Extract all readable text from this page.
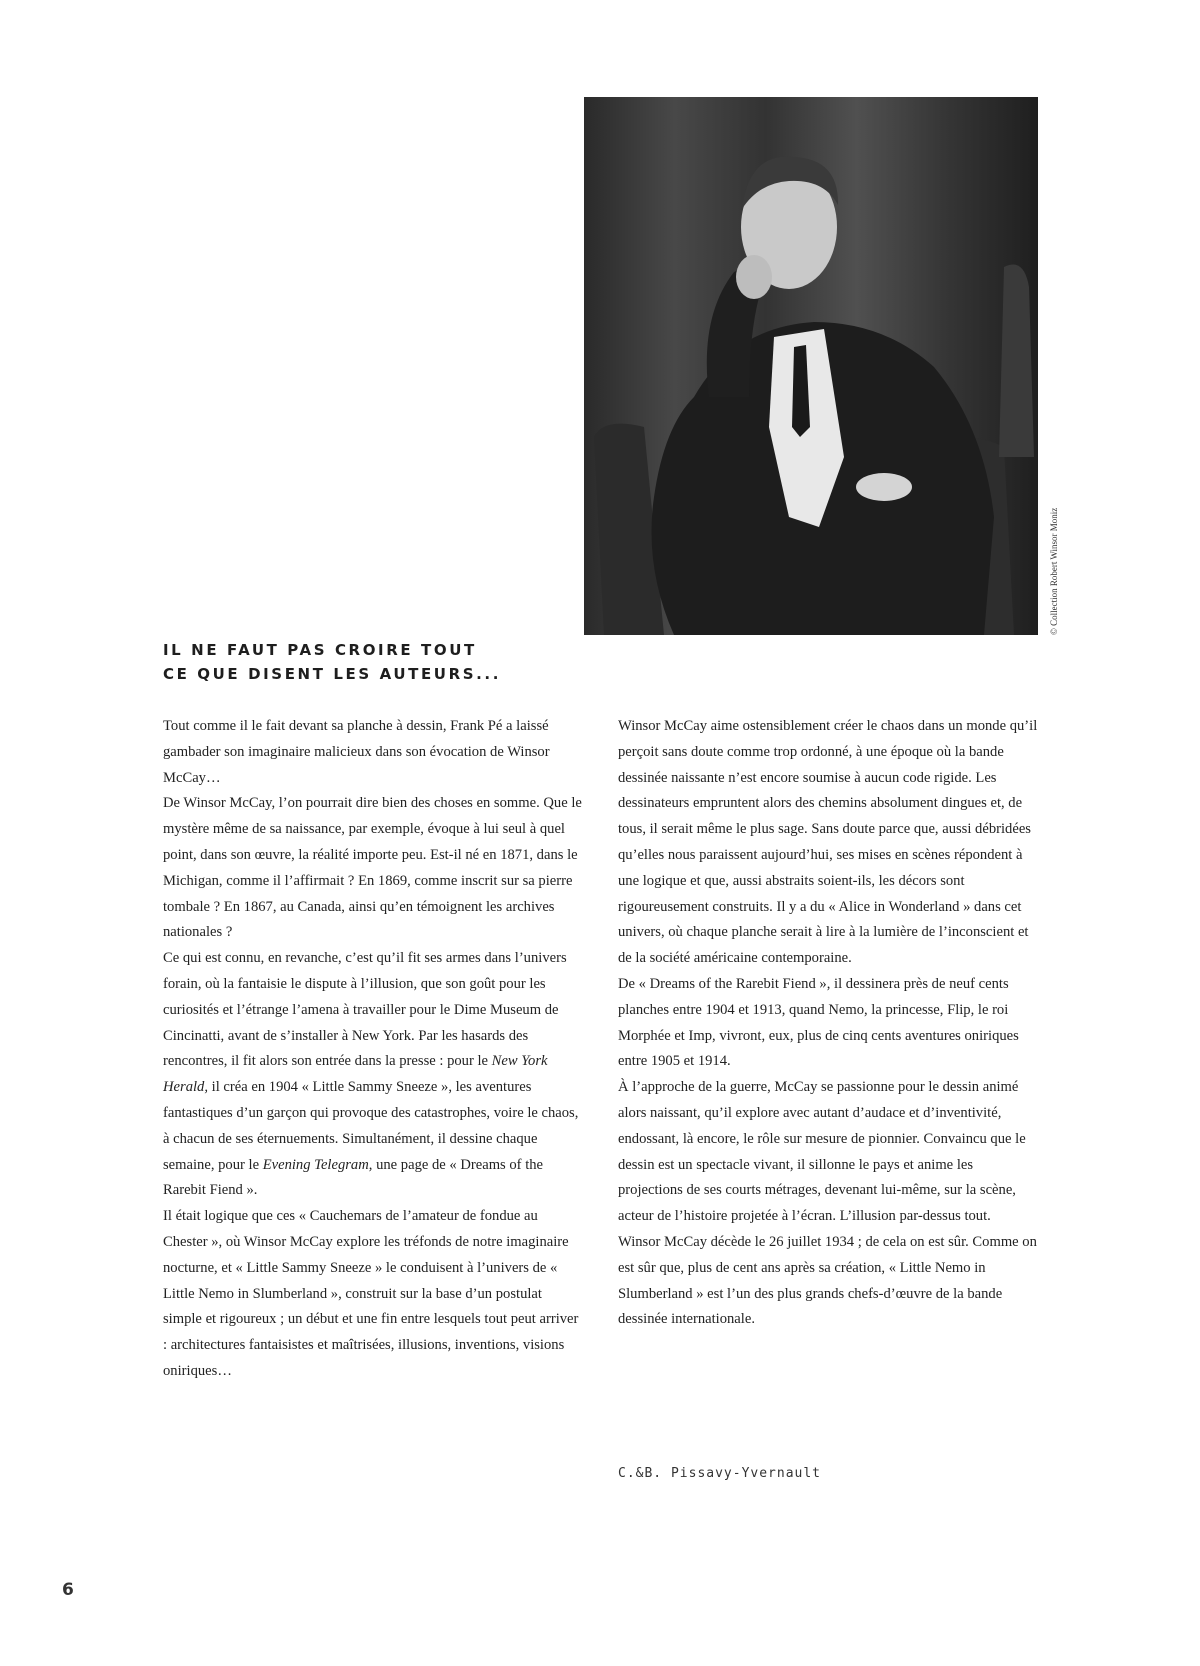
© Collection Robert Winsor Moniz
IL NE FAUT PAS CROIRE TOUT
CE QUE DISENT LES AUTEURS...

Tout comme il le fait devant sa planche à dessin, Frank Pé a laissé gambader son imaginaire malicieux dans son évocation de Winsor McCay…

De Winsor McCay, l’on pourrait dire bien des choses en somme. Que le mystère même de sa naissance, par exemple, évoque à lui seul à quel point, dans son œuvre, la réalité importe peu. Est-il né en 1871, dans le Michigan, comme il l’affirmait ? En 1869, comme inscrit sur sa pierre tombale ? En 1867, au Canada, ainsi qu’en témoignent les archives nationales ?

Ce qui est connu, en revanche, c’est qu’il fit ses armes dans l’univers forain, où la fantaisie le dispute à l’illusion, que son goût pour les curiosités et l’étrange l’amena à travailler pour le Dime Museum de Cincinatti, avant de s’installer à New York. Par les hasards des rencontres, il fit alors son entrée dans la presse : pour le New York Herald, il créa en 1904 « Little Sammy Sneeze », les aventures fantastiques d’un garçon qui provoque des catastrophes, voire le chaos, à chacun de ses éternuements. Simultanément, il dessine chaque semaine, pour le Evening Telegram, une page de « Dreams of the Rarebit Fiend ».

Il était logique que ces « Cauchemars de l’amateur de fondue au Chester », où Winsor McCay explore les tréfonds de notre imaginaire nocturne, et « Little Sammy Sneeze » le conduisent à l’univers de « Little Nemo in Slumberland », construit sur la base d’un postulat simple et rigoureux ; un début et une fin entre lesquels tout peut arriver : architectures fantaisistes et maîtrisées, illusions, inventions, visions oniriques…

Winsor McCay aime ostensiblement créer le chaos dans un monde qu’il perçoit sans doute comme trop ordonné, à une époque où la bande dessinée naissante n’est encore soumise à aucun code rigide. Les dessinateurs empruntent alors des chemins absolument dingues et, de tous, il serait même le plus sage. Sans doute parce que, aussi débridées qu’elles nous paraissent aujourd’hui, ses mises en scènes répondent à une logique et que, aussi abstraits soient-ils, les décors sont rigoureusement construits. Il y a du « Alice in Wonderland » dans cet univers, où chaque planche serait à lire à la lumière de l’inconscient et de la société américaine contemporaine.

De « Dreams of the Rarebit Fiend », il dessinera près de neuf cents planches entre 1904 et 1913, quand Nemo, la princesse, Flip, le roi Morphée et Imp, vivront, eux, plus de cinq cents aventures oniriques entre 1905 et 1914.

À l’approche de la guerre, McCay se passionne pour le dessin animé alors naissant, qu’il explore avec autant d’audace et d’inventivité, endossant, là encore, le rôle sur mesure de pionnier. Convaincu que le dessin est un spectacle vivant, il sillonne le pays et anime les projections de ses courts métrages, devenant lui-même, sur la scène, acteur de l’histoire projetée à l’écran. L’illusion par-dessus tout.

Winsor McCay décède le 26 juillet 1934 ; de cela on est sûr. Comme on est sûr que, plus de cent ans après sa création, « Little Nemo in Slumberland » est l’un des plus grands chefs-d’œuvre de la bande dessinée internationale.

C.&B. Pissavy-Yvernault
6
